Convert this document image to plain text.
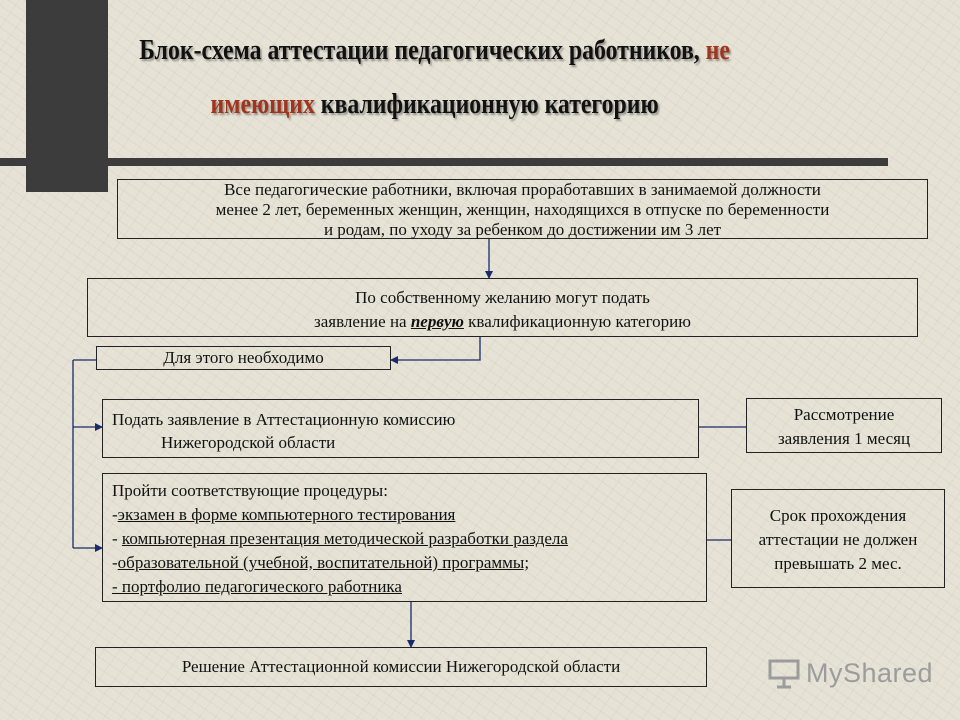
Блок-схема аттестации педагогических работников, не
имеющих квалификационную категорию
Все педагогические работники, включая проработавших в занимаемой должности
менее 2 лет, беременных женщин, женщин, находящихся в отпуске по беременности
и родам, по уходу за ребенком до достижении им 3 лет
По собственному желанию могут подать
заявление на первую квалификационную категорию
Для этого необходимо
Подать заявление в Аттестационную комиссию
Нижегородской области
Рассмотрение
заявления 1 месяц
Пройти соответствующие процедуры:
-экзамен в форме компьютерного тестирования
- компьютерная презентация методической разработки раздела
-образовательной (учебной, воспитательной) программы;
- портфолио педагогического работника
Срок прохождения
аттестации не должен
превышать 2 мес.
Решение Аттестационной комиссии Нижегородской области	MyShared
